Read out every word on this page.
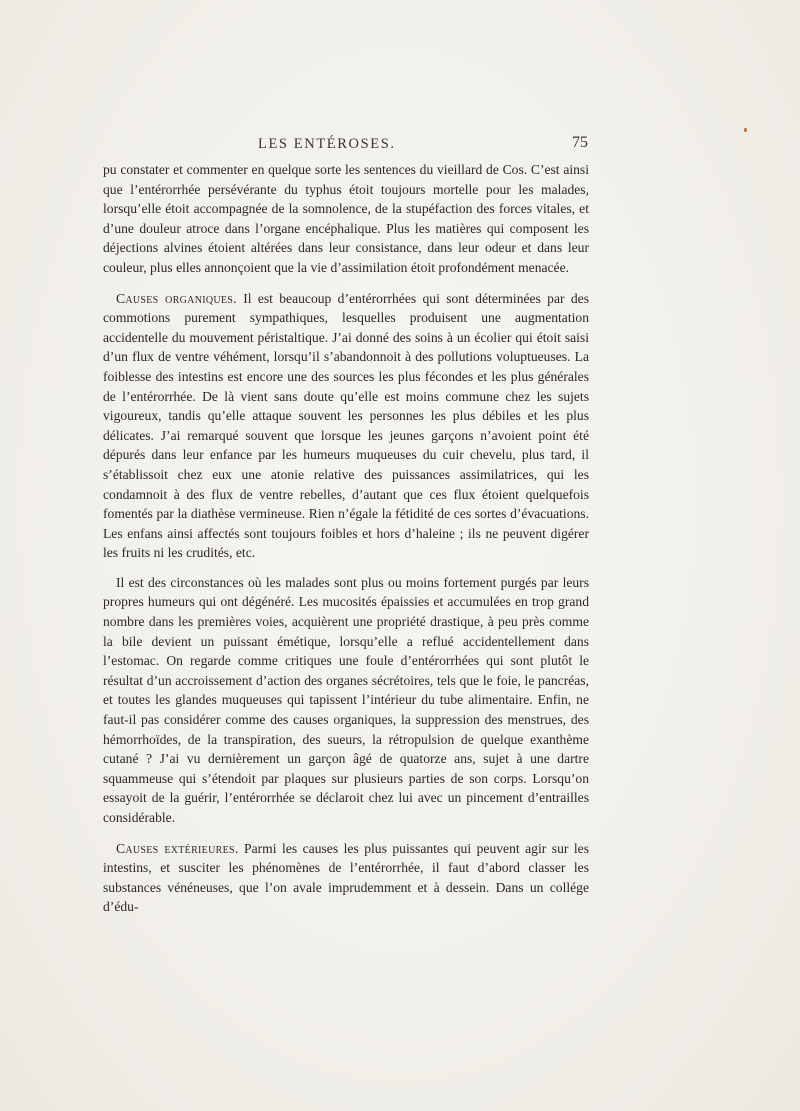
LES ENTÉROSES.	75

pu constater et commenter en quelque sorte les sentences du vieillard de Cos. C’est ainsi que l’entérorrhée persévérante du typhus étoit toujours mortelle pour les malades, lorsqu’elle étoit accompagnée de la somnolence, de la stupéfaction des forces vitales, et d’une douleur atroce dans l’organe encéphalique. Plus les matières qui composent les déjections alvines étoient altérées dans leur consistance, dans leur odeur et dans leur couleur, plus elles annonçoient que la vie d’assimilation étoit profondément menacée.

Causes organiques. Il est beaucoup d’entérorrhées qui sont déterminées par des commotions purement sympathiques, lesquelles produisent une augmentation accidentelle du mouvement péristaltique. J’ai donné des soins à un écolier qui étoit saisi d’un flux de ventre véhément, lorsqu’il s’abandonnoit à des pollutions voluptueuses. La foiblesse des intestins est encore une des sources les plus fécondes et les plus générales de l’entérorrhée. De là vient sans doute qu’elle est moins commune chez les sujets vigoureux, tandis qu’elle attaque souvent les personnes les plus débiles et les plus délicates. J’ai remarqué souvent que lorsque les jeunes garçons n’avoient point été dépurés dans leur enfance par les humeurs muqueuses du cuir chevelu, plus tard, il s’établissoit chez eux une atonie relative des puissances assimilatrices, qui les condamnoit à des flux de ventre rebelles, d’autant que ces flux étoient quelquefois fomentés par la diathèse vermineuse. Rien n’égale la fétidité de ces sortes d’évacuations. Les enfans ainsi affectés sont toujours foibles et hors d’haleine ; ils ne peuvent digérer les fruits ni les crudités, etc.

Il est des circonstances où les malades sont plus ou moins fortement purgés par leurs propres humeurs qui ont dégénéré. Les mucosités épaissies et accumulées en trop grand nombre dans les premières voies, acquièrent une propriété drastique, à peu près comme la bile devient un puissant émétique, lorsqu’elle a reflué accidentellement dans l’estomac. On regarde comme critiques une foule d’entérorrhées qui sont plutôt le résultat d’un accroissement d’action des organes sécrétoires, tels que le foie, le pancréas, et toutes les glandes muqueuses qui tapissent l’intérieur du tube alimentaire. Enfin, ne faut-il pas considérer comme des causes organiques, la suppression des menstrues, des hémorrhoïdes, de la transpiration, des sueurs, la rétropulsion de quelque exanthème cutané ? J’ai vu dernièrement un garçon âgé de quatorze ans, sujet à une dartre squammeuse qui s’étendoit par plaques sur plusieurs parties de son corps. Lorsqu’on essayoit de la guérir, l’entérorrhée se déclaroit chez lui avec un pincement d’entrailles considérable.

Causes extérieures. Parmi les causes les plus puissantes qui peuvent agir sur les intestins, et susciter les phénomènes de l’entérorrhée, il faut d’abord classer les substances vénéneuses, que l’on avale imprudemment et à dessein. Dans un collége d’édu-
